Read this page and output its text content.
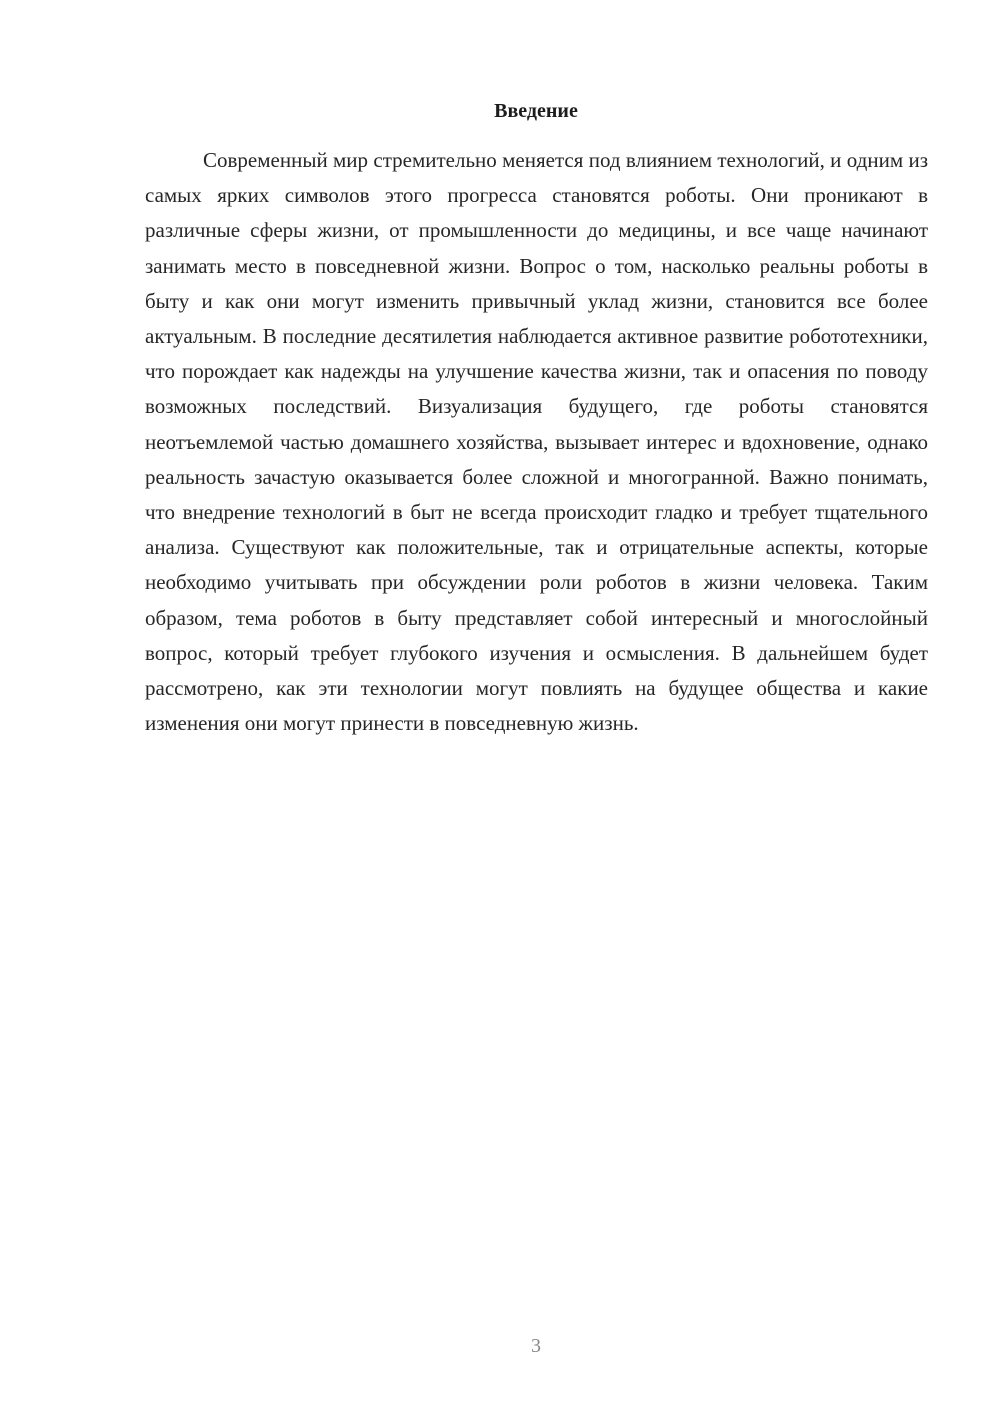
Введение

Современный мир стремительно меняется под влиянием технологий, и одним из самых ярких символов этого прогресса становятся роботы. Они проникают в различные сферы жизни, от промышленности до медицины, и все чаще начинают занимать место в повседневной жизни. Вопрос о том, насколько реальны роботы в быту и как они могут изменить привычный уклад жизни, становится все более актуальным. В последние десятилетия наблюдается активное развитие робототехники, что порождает как надежды на улучшение качества жизни, так и опасения по поводу возможных последствий. Визуализация будущего, где роботы становятся неотъемлемой частью домашнего хозяйства, вызывает интерес и вдохновение, однако реальность зачастую оказывается более сложной и многогранной. Важно понимать, что внедрение технологий в быт не всегда происходит гладко и требует тщательного анализа. Существуют как положительные, так и отрицательные аспекты, которые необходимо учитывать при обсуждении роли роботов в жизни человека. Таким образом, тема роботов в быту представляет собой интересный и многослойный вопрос, который требует глубокого изучения и осмысления. В дальнейшем будет рассмотрено, как эти технологии могут повлиять на будущее общества и какие изменения они могут принести в повседневную жизнь.

3
